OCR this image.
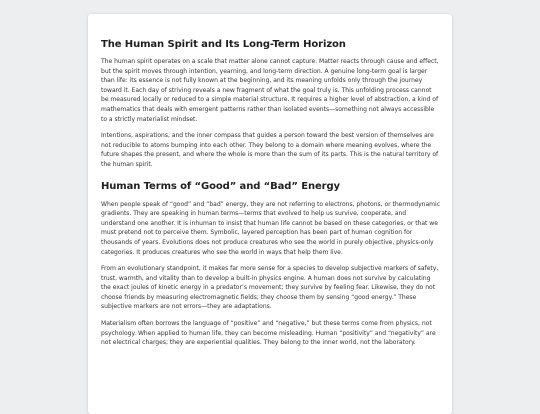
The Human Spirit and Its Long-Term Horizon

The human spirit operates on a scale that matter alone cannot capture. Matter reacts through cause and effect, but the spirit moves through intention, yearning, and long-term direction. A genuine long-term goal is larger than life: its essence is not fully known at the beginning, and its meaning unfolds only through the journey toward it. Each day of striving reveals a new fragment of what the goal truly is. This unfolding process cannot be measured locally or reduced to a simple material structure. It requires a higher level of abstraction, a kind of mathematics that deals with emergent patterns rather than isolated events—something not always accessible to a strictly materialist mindset.

Intentions, aspirations, and the inner compass that guides a person toward the best version of themselves are not reducible to atoms bumping into each other. They belong to a domain where meaning evolves, where the future shapes the present, and where the whole is more than the sum of its parts. This is the natural territory of the human spirit.

Human Terms of “Good” and “Bad” Energy

When people speak of “good” and “bad” energy, they are not referring to electrons, photons, or thermodynamic gradients. They are speaking in human terms—terms that evolved to help us survive, cooperate, and understand one another. It is inhuman to insist that human life cannot be based on these categories, or that we must pretend not to perceive them. Symbolic, layered perception has been part of human cognition for thousands of years. Evolutions does not produce creatures who see the world in purely objective, physics-only categories. It produces creatures who see the world in ways that help them live.

From an evolutionary standpoint, it makes far more sense for a species to develop subjective markers of safety, trust, warmth, and vitality than to develop a built-in physics engine. A human does not survive by calculating the exact joules of kinetic energy in a predator’s movement; they survive by feeling fear. Likewise, they do not choose friends by measuring electromagnetic fields; they choose them by sensing “good energy.” These subjective markers are not errors—they are adaptations.

Materialism often borrows the language of “positive” and “negative,” but these terms come from physics, not psychology. When applied to human life, they can become misleading. Human “positivity” and “negativity” are not electrical charges; they are experiential qualities. They belong to the inner world, not the laboratory.
